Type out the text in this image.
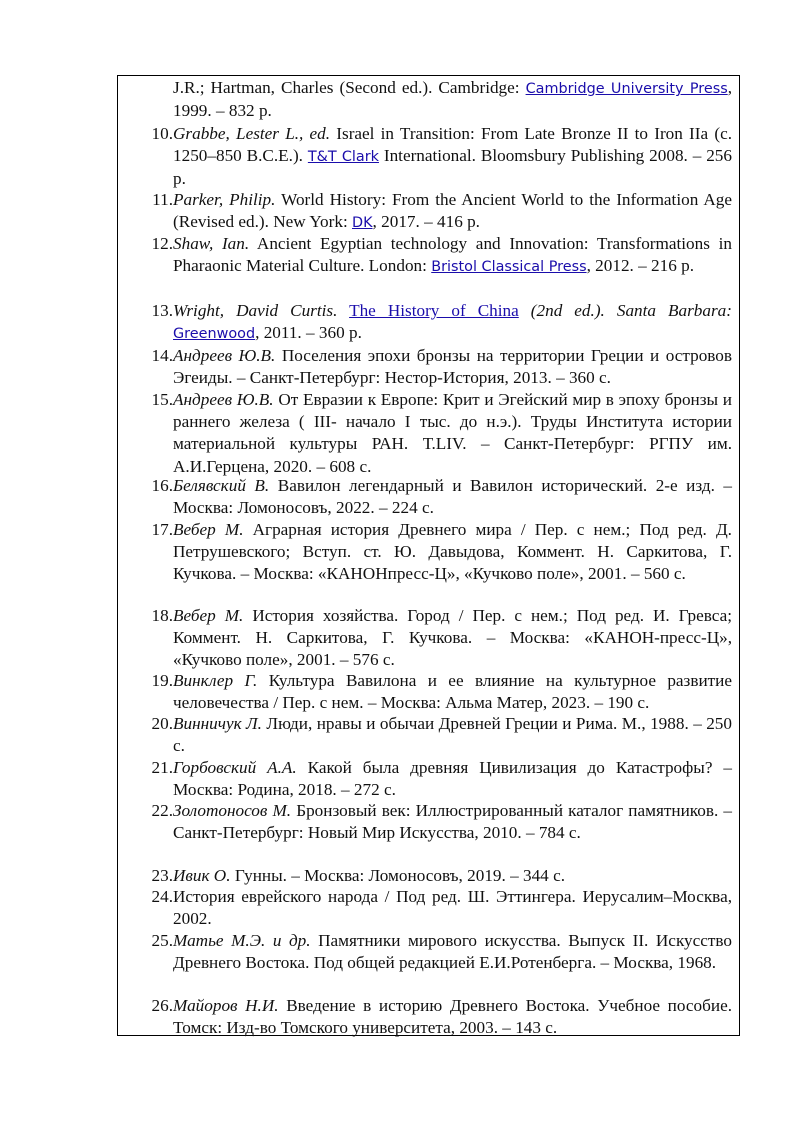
J.R.; Hartman, Charles (Second ed.). Cambridge: Cambridge University Press, 1999. – 832 p.
10. Grabbe, Lester L., ed. Israel in Transition: From Late Bronze II to Iron IIa (c. 1250–850 B.C.E.). T&T Clark International. Bloomsbury Publishing 2008. – 256 p.
11. Parker, Philip. World History: From the Ancient World to the Information Age (Revised ed.). New York: DK, 2017. – 416 p.
12. Shaw, Ian. Ancient Egyptian technology and Innovation: Transformations in Pharaonic Material Culture. London: Bristol Classical Press, 2012. – 216 p.
13. Wright, David Curtis. The History of China (2nd ed.). Santa Barbara: Greenwood, 2011. – 360 p.
14. Андреев Ю.В. Поселения эпохи бронзы на территории Греции и островов Эгеиды. – Санкт-Петербург: Нестор-История, 2013. – 360 с.
15. Андреев Ю.В. От Евразии к Европе: Крит и Эгейский мир в эпоху бронзы и раннего железа ( III- начало I тыс. до н.э.). Труды Института истории материальной культуры РАН. Т.LIV. – Санкт-Петербург: РГПУ им. А.И.Герцена, 2020. – 608 с.
16. Белявский В. Вавилон легендарный и Вавилон исторический. 2-е изд. – Москва: Ломоносовъ, 2022. – 224 с.
17. Вебер М. Аграрная история Древнего мира / Пер. с нем.; Под ред. Д. Петрушевского; Вступ. ст. Ю. Давыдова, Коммент. Н. Саркитова, Г. Кучкова. – Москва: «КАНОНпресс-Ц», «Кучково поле», 2001. – 560 с.
18. Вебер М. История хозяйства. Город / Пер. с нем.; Под ред. И. Гревса; Коммент. Н. Саркитова, Г. Кучкова. – Москва: «КАНОН-пресс-Ц», «Кучково поле», 2001. – 576 с.
19. Винклер Г. Культура Вавилона и ее влияние на культурное развитие человечества / Пер. с нем. – Москва: Альма Матер, 2023. – 190 с.
20. Винничук Л. Люди, нравы и обычаи Древней Греции и Рима. М., 1988. – 250 с.
21. Горбовский А.А. Какой была древняя Цивилизация до Катастрофы? – Москва: Родина, 2018. – 272 с.
22. Золотоносов М. Бронзовый век: Иллюстрированный каталог памятников. – Санкт-Петербург: Новый Мир Искусства, 2010. – 784 с.
23. Ивик О. Гунны. – Москва: Ломоносовъ, 2019. – 344 с.
24. История еврейского народа / Под ред. Ш. Эттингера. Иерусалим–Москва, 2002.
25. Матье М.Э. и др. Памятники мирового искусства. Выпуск II. Искусство Древнего Востока. Под общей редакцией Е.И.Ротенберга. – Москва, 1968.
26. Майоров Н.И. Введение в историю Древнего Востока. Учебное пособие. Томск: Изд-во Томского университета, 2003. – 143 с.
